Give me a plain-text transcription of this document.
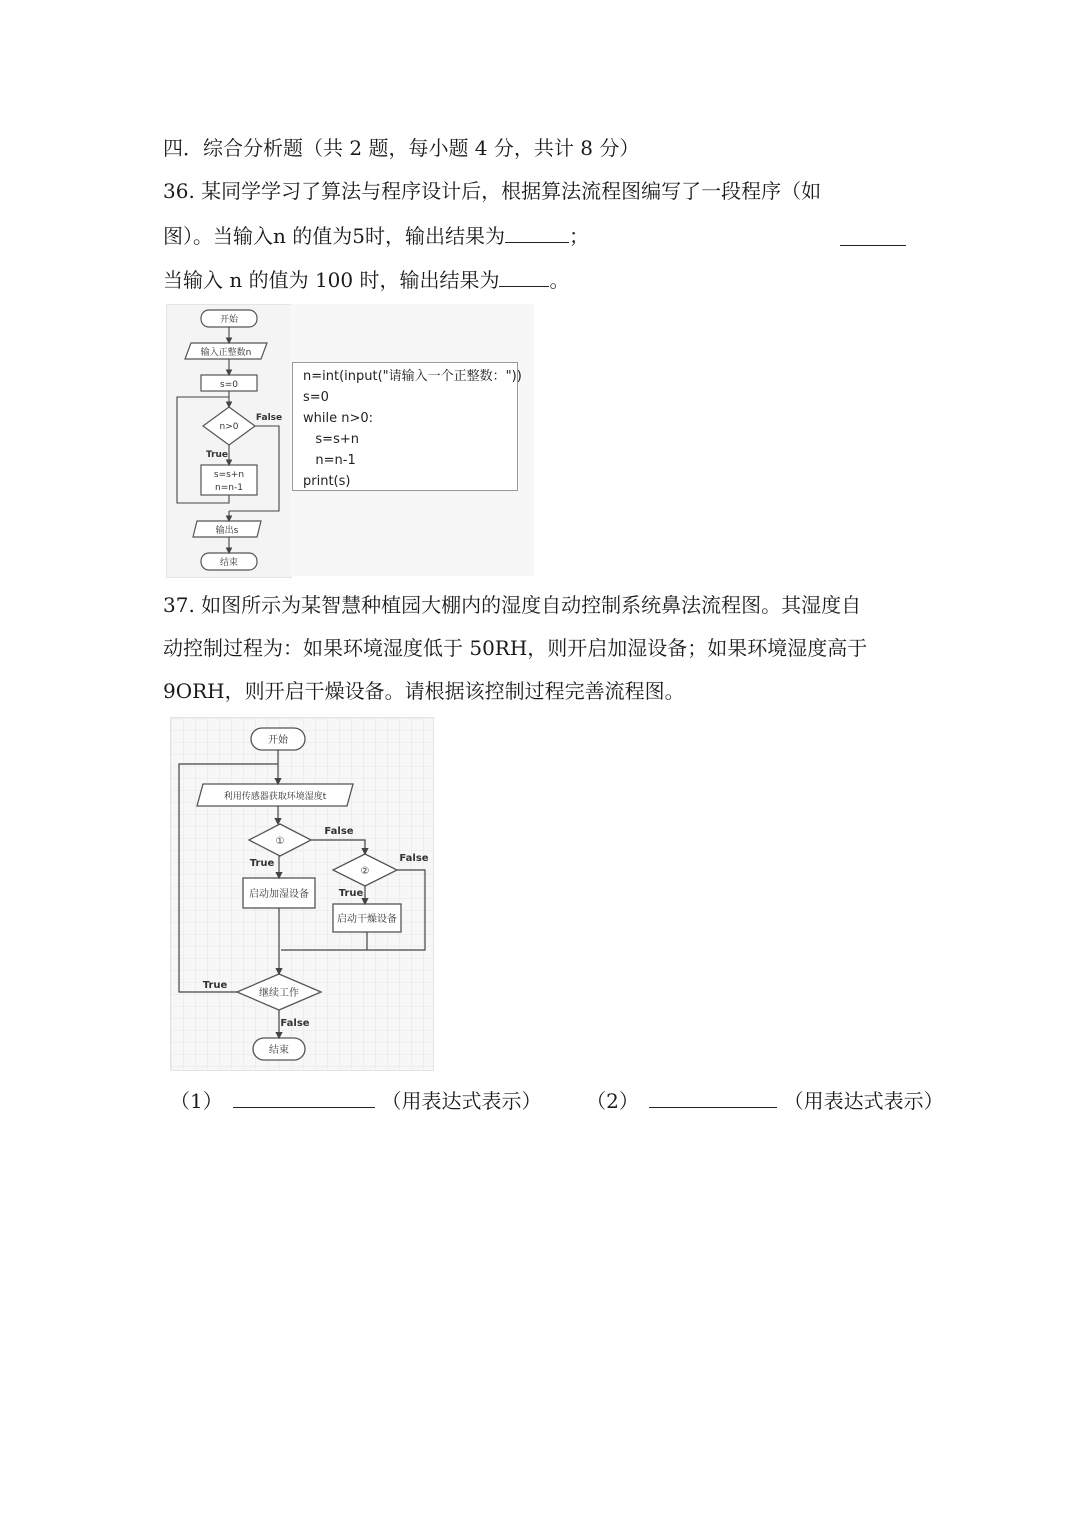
四．综合分析题（共 2 题，每小题 4 分，共计 8 分）
36. 某同学学习了算法与程序设计后，根据算法流程图编写了一段程序（如
图）。当输入n 的值为5时，输出结果为	；
当输入 n 的值为 100 时，输出结果为	。
开始
输入正整数n
s=0
n>0
False
True
s=s+n
n=n-1
输出s
结束
n=int(input("请输入一个正整数："))
s=0
while n>0:
s=s+n
n=n-1
print(s)
37. 如图所示为某智慧种植园大棚内的湿度自动控制系统鼻法流程图。其湿度自
动控制过程为：如果环境湿度低于 50RH，则开启加湿设备；如果环境湿度高于
9ORH，则开启干燥设备。请根据该控制过程完善流程图。
开始
利用传感器获取环境湿度t
①
②
False
True	False
True
启动加湿设备
启动干燥设备
True
继续工作
False
结束
（1）	（用表达式表示） （2）	（用表达式表示）
